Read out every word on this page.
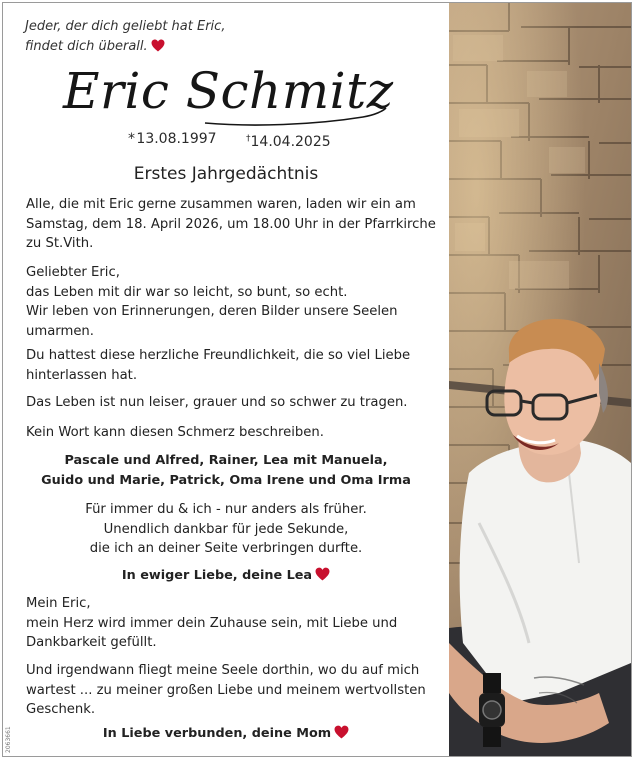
Jeder, der dich geliebt hat Eric,
findet dich überall.
Eric Schmitz
* 13.08.1997	†14.04.2025
Erstes Jahrgedächtnis

Alle, die mit Eric gerne zusammen waren, laden wir ein am Samstag, dem 18. April 2026, um 18.00 Uhr in der Pfarrkirche zu St.Vith.

Geliebter Eric,
das Leben mit dir war so leicht, so bunt, so echt.
Wir leben von Erinnerungen, deren Bilder unsere Seelen umarmen.

Du hattest diese herzliche Freundlichkeit, die so viel Liebe hinterlassen hat.

Das Leben ist nun leiser, grauer und so schwer zu tragen.

Kein Wort kann diesen Schmerz beschreiben.

Pascale und Alfred, Rainer, Lea mit Manuela,
Guido und Marie, Patrick, Oma Irene und Oma Irma
Für immer du & ich - nur anders als früher.
Unendlich dankbar für jede Sekunde,
die ich an deiner Seite verbringen durfte.
In ewiger Liebe, deine Lea
Mein Eric,
mein Herz wird immer dein Zuhause sein, mit Liebe und Dankbarkeit gefüllt.

Und irgendwann fliegt meine Seele dorthin, wo du auf mich wartest ... zu meiner großen Liebe und meinem wertvollsten Geschenk.

In Liebe verbunden, deine Mom
2063661
